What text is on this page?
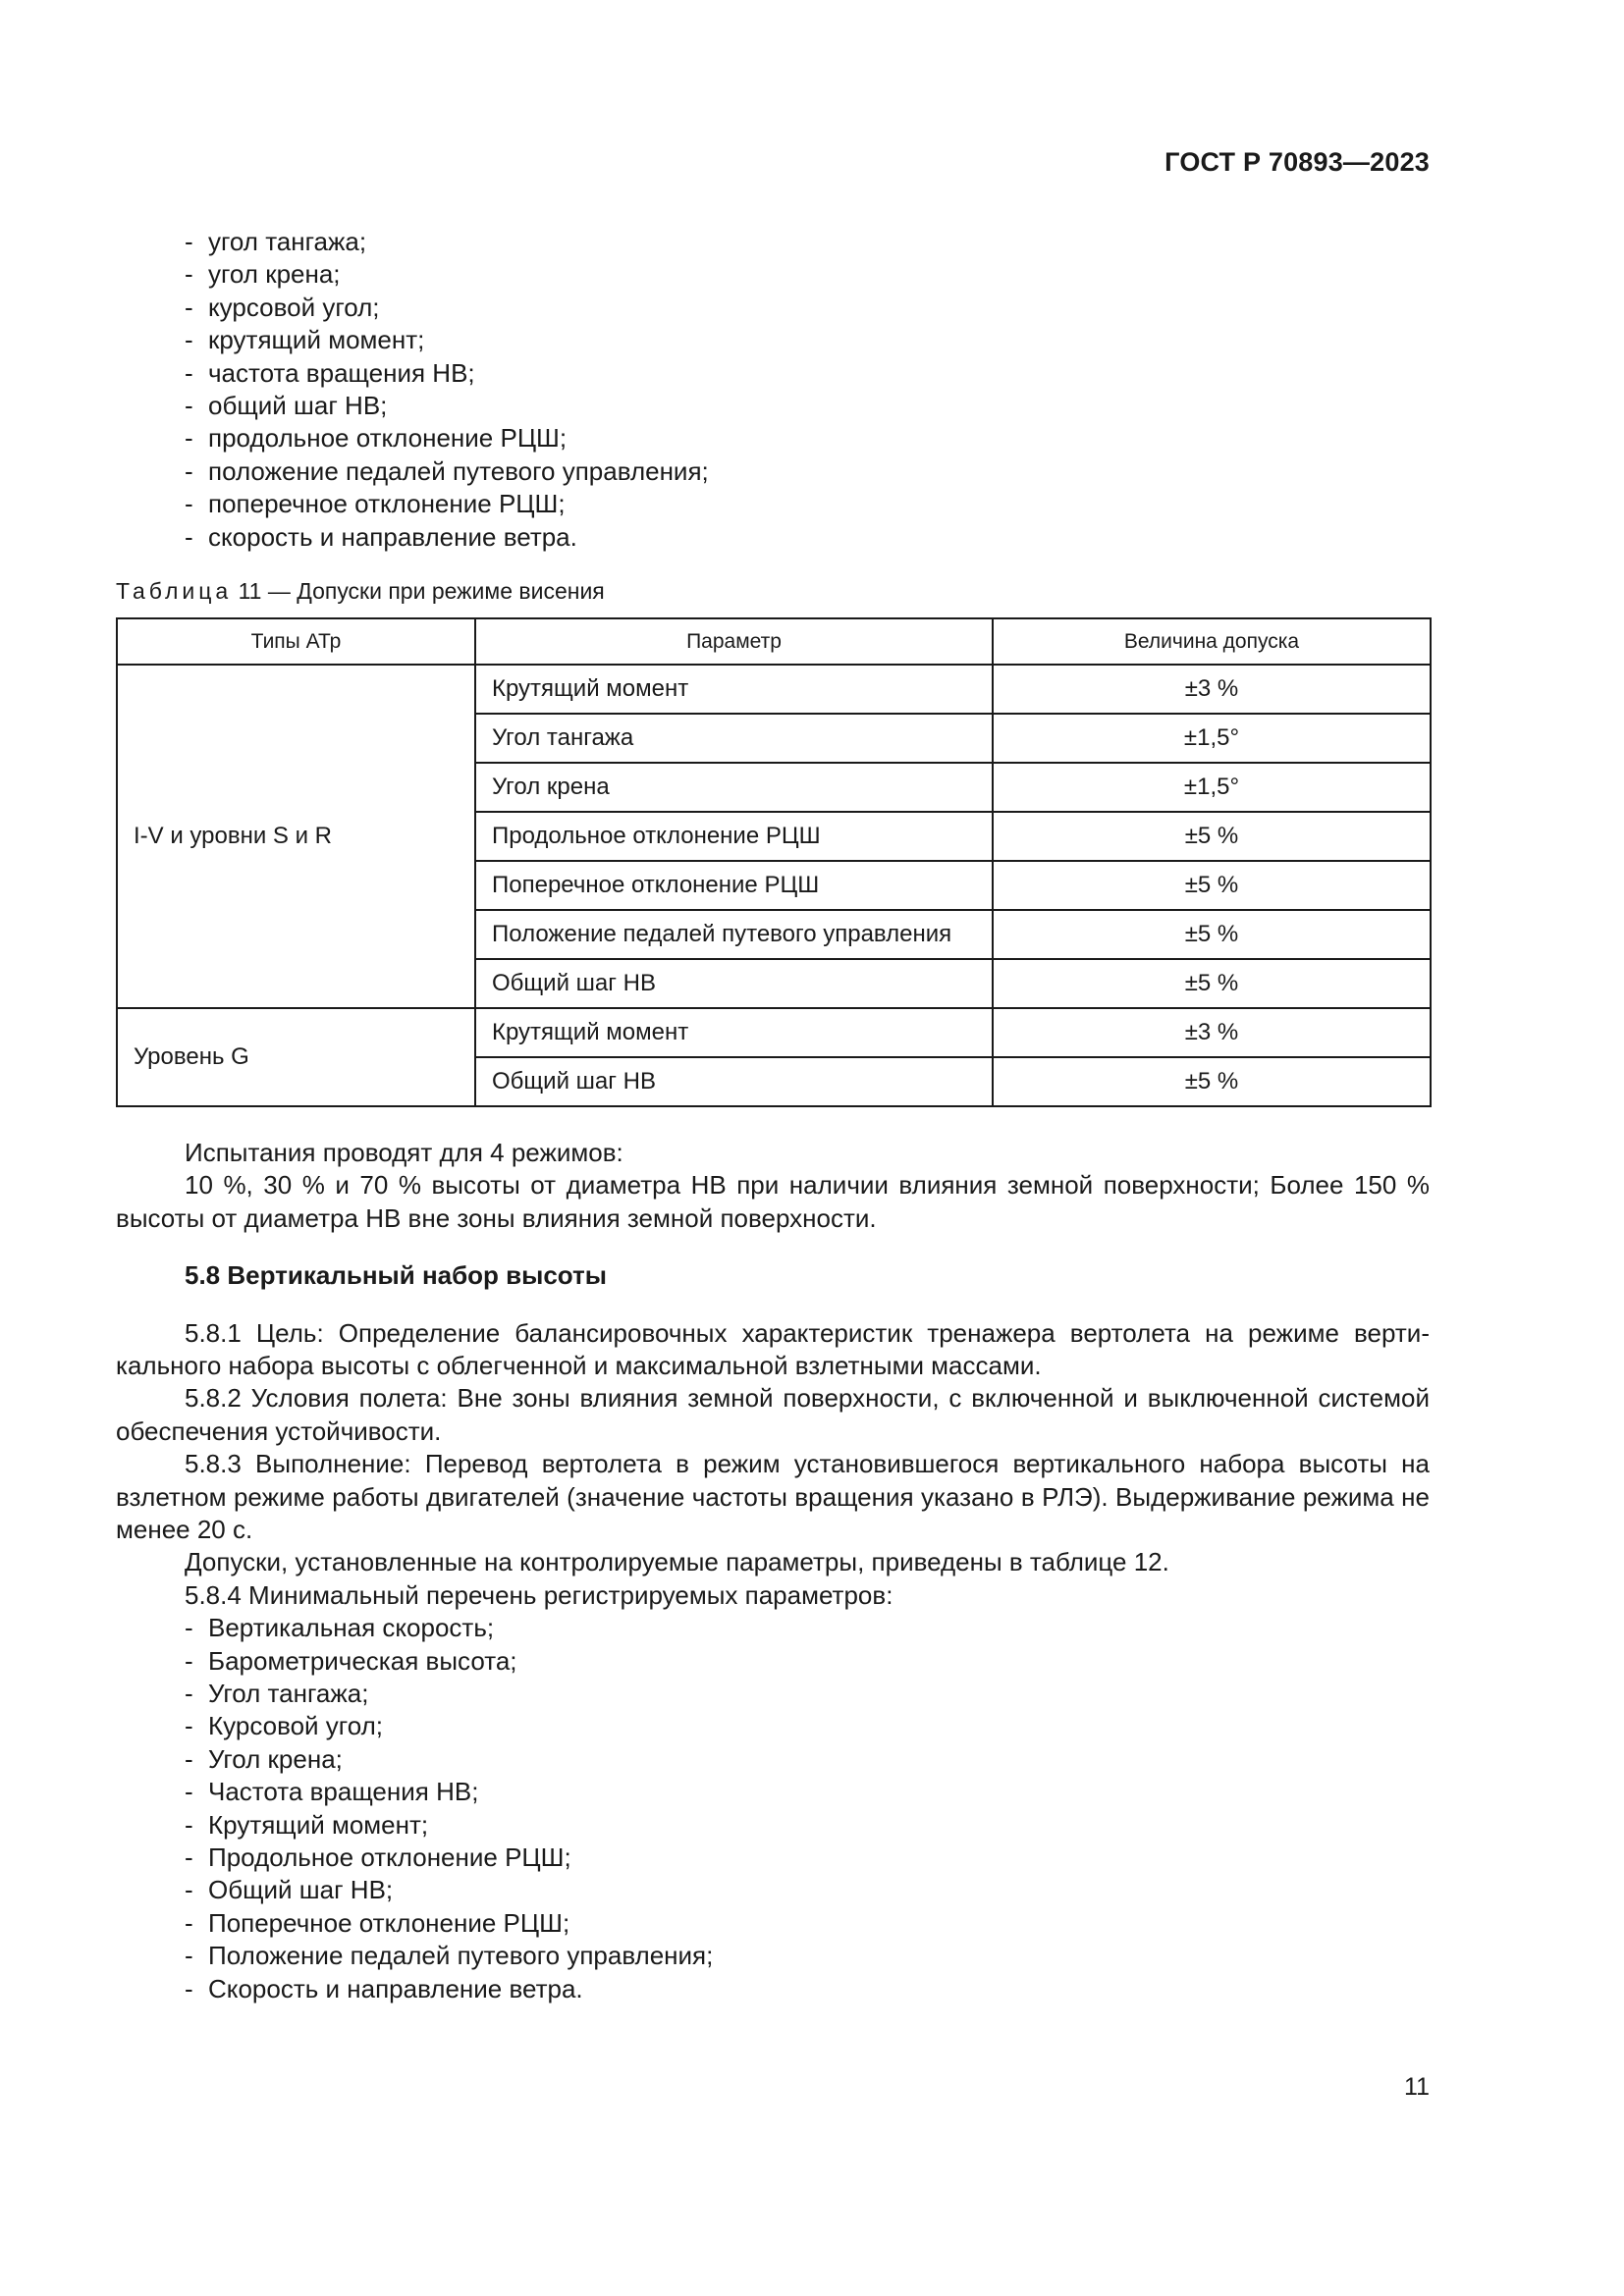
ГОСТ Р 70893—2023
- угол тангажа;
- угол крена;
- курсовой угол;
- крутящий момент;
- частота вращения НВ;
- общий шаг НВ;
- продольное отклонение РЦШ;
- положение педалей путевого управления;
- поперечное отклонение РЦШ;
- скорость и направление ветра.
Таблица 11 — Допуски при режиме висения
Типы АТр	Параметр	Величина допуска
I-V и уровни S и R	Крутящий момент	±3 %
	Угол тангажа	±1,5°
	Угол крена	±1,5°
	Продольное отклонение РЦШ	±5 %
	Поперечное отклонение РЦШ	±5 %
	Положение педалей путевого управления	±5 %
	Общий шаг НВ	±5 %
Уровень G	Крутящий момент	±3 %
	Общий шаг НВ	±5 %

Испытания проводят для 4 режимов:

10 %, 30 % и 70 % высоты от диаметра НВ при наличии влияния земной поверхности; Более 150 % высоты от диаметра НВ вне зоны влияния земной поверхности.

5.8 Вертикальный набор высоты

5.8.1 Цель: Определение балансировочных характеристик тренажера вертолета на режиме вертикального набора высоты с облегченной и максимальной взлетными массами.

5.8.2 Условия полета: Вне зоны влияния земной поверхности, с включенной и выключенной системой обеспечения устойчивости.

5.8.3 Выполнение: Перевод вертолета в режим установившегося вертикального набора высоты на взлетном режиме работы двигателей (значение частоты вращения указано в РЛЭ). Выдерживание режима не менее 20 с.

Допуски, установленные на контролируемые параметры, приведены в таблице 12.

5.8.4 Минимальный перечень регистрируемых параметров:

- Вертикальная скорость;
- Барометрическая высота;
- Угол тангажа;
- Курсовой угол;
- Угол крена;
- Частота вращения НВ;
- Крутящий момент;
- Продольное отклонение РЦШ;
- Общий шаг НВ;
- Поперечное отклонение РЦШ;
- Положение педалей путевого управления;
- Скорость и направление ветра.
11
